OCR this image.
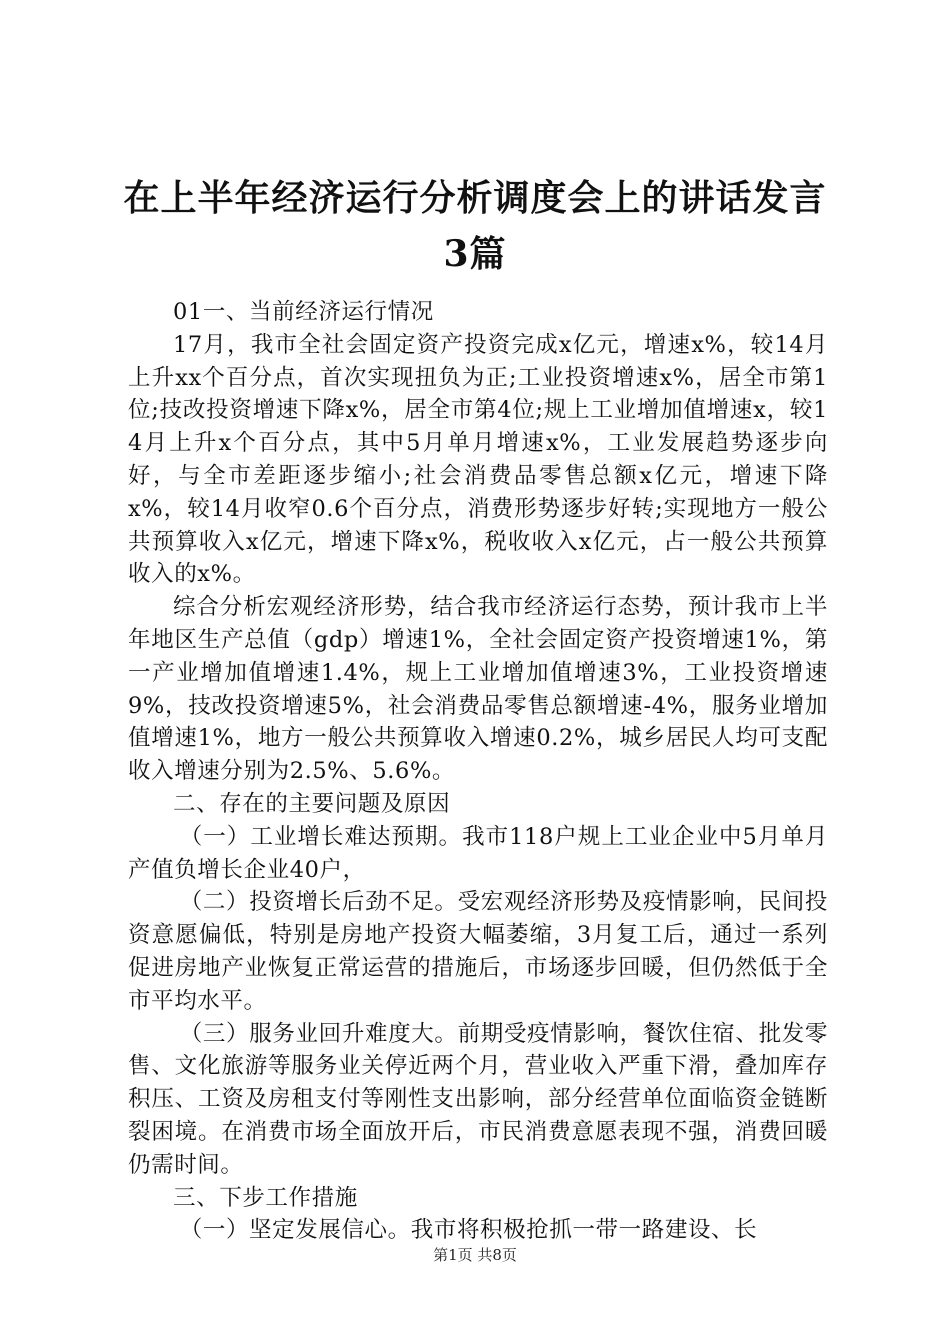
在上半年经济运行分析调度会上的讲话发言3篇

01一、当前经济运行情况

17月，我市全社会固定资产投资完成x亿元，增速x%，较14月上升xx个百分点，首次实现扭负为正;工业投资增速x%，居全市第1位;技改投资增速下降x%，居全市第4位;规上工业增加值增速x，较14月上升x个百分点，其中5月单月增速x%，工业发展趋势逐步向好，与全市差距逐步缩小;社会消费品零售总额x亿元，增速下降x%，较14月收窄0.6个百分点，消费形势逐步好转;实现地方一般公共预算收入x亿元，增速下降x%，税收收入x亿元，占一般公共预算收入的x%。

综合分析宏观经济形势，结合我市经济运行态势，预计我市上半年地区生产总值（gdp）增速1%，全社会固定资产投资增速1%，第一产业增加值增速1.4%，规上工业增加值增速3%，工业投资增速9%，技改投资增速5%，社会消费品零售总额增速-4%，服务业增加值增速1%，地方一般公共预算收入增速0.2%，城乡居民人均可支配收入增速分别为2.5%、5.6%。

二、存在的主要问题及原因

（一）工业增长难达预期。我市118户规上工业企业中5月单月产值负增长企业40户，

（二）投资增长后劲不足。受宏观经济形势及疫情影响，民间投资意愿偏低，特别是房地产投资大幅萎缩，3月复工后，通过一系列促进房地产业恢复正常运营的措施后，市场逐步回暖，但仍然低于全市平均水平。

（三）服务业回升难度大。前期受疫情影响，餐饮住宿、批发零售、文化旅游等服务业关停近两个月，营业收入严重下滑，叠加库存积压、工资及房租支付等刚性支出影响，部分经营单位面临资金链断裂困境。在消费市场全面放开后，市民消费意愿表现不强，消费回暖仍需时间。

三、下步工作措施

（一）坚定发展信心。我市将积极抢抓一带一路建设、长

第1页 共8页
